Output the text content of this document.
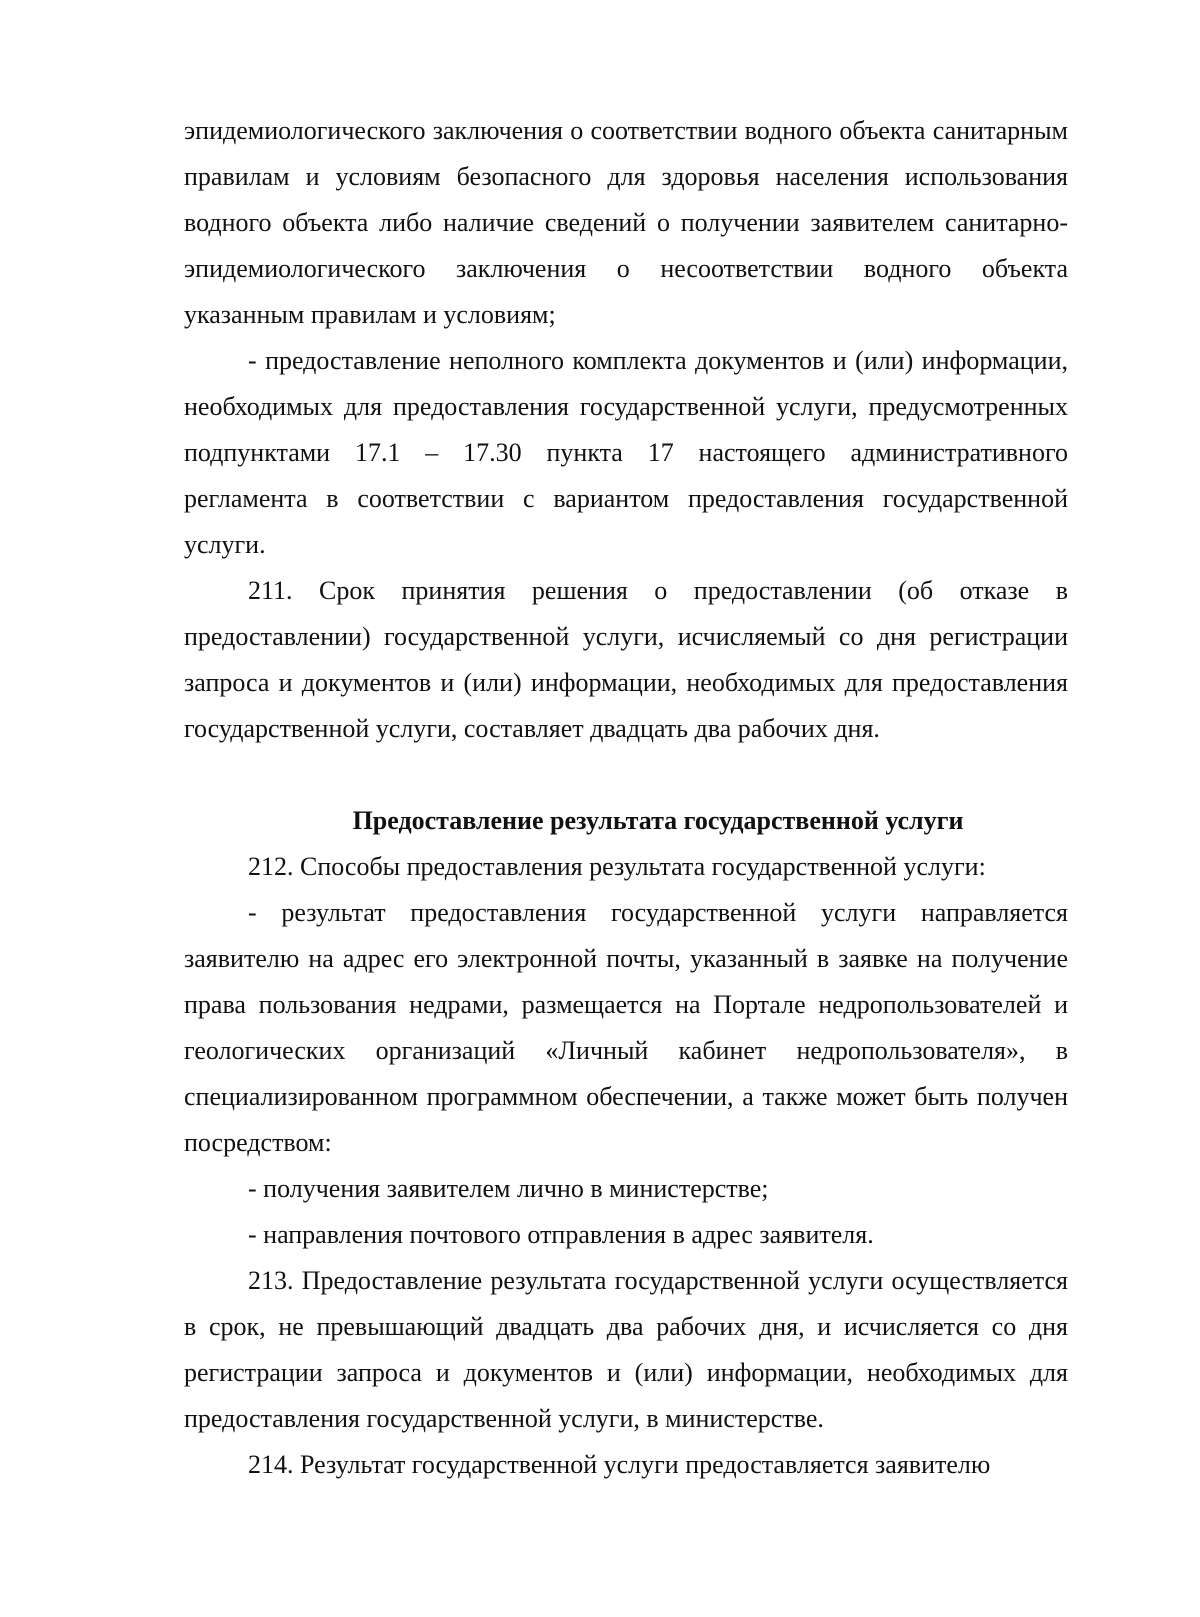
эпидемиологического заключения о соответствии водного объекта санитарным правилам и условиям безопасного для здоровья населения использования водного объекта либо наличие сведений о получении заявителем санитарно-эпидемиологического заключения о несоответствии водного объекта указанным правилам и условиям;

- предоставление неполного комплекта документов и (или) информации, необходимых для предоставления государственной услуги, предусмотренных подпунктами 17.1 – 17.30 пункта 17 настоящего административного регламента в соответствии с вариантом предоставления государственной услуги.

211. Срок принятия решения о предоставлении (об отказе в предоставлении) государственной услуги, исчисляемый со дня регистрации запроса и документов и (или) информации, необходимых для предоставления государственной услуги, составляет двадцать два рабочих дня.

Предоставление результата государственной услуги

212. Способы предоставления результата государственной услуги:

- результат предоставления государственной услуги направляется заявителю на адрес его электронной почты, указанный в заявке на получение права пользования недрами, размещается на Портале недропользователей и геологических организаций «Личный кабинет недропользователя», в специализированном программном обеспечении, а также может быть получен посредством:

- получения заявителем лично в министерстве;

- направления почтового отправления в адрес заявителя.

213. Предоставление результата государственной услуги осуществляется в срок, не превышающий двадцать два рабочих дня, и исчисляется со дня регистрации запроса и документов и (или) информации, необходимых для предоставления государственной услуги, в министерстве.

214. Результат государственной услуги предоставляется заявителю
